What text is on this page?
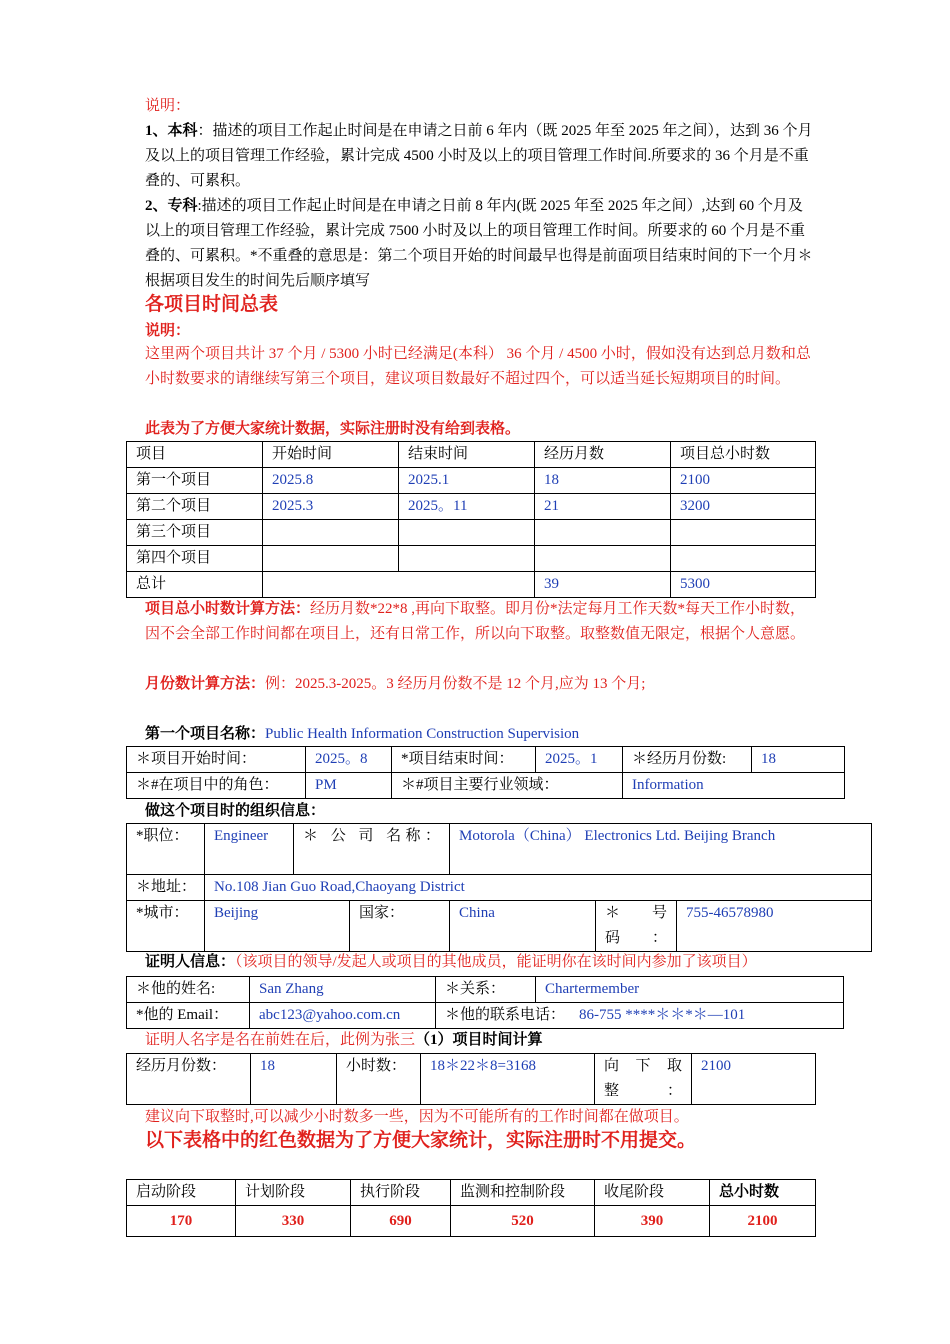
说明：
1、本科：描述的项目工作起止时间是在申请之日前 6 年内（既 2025 年至 2025 年之间），达到 36 个月及以上的项目管理工作经验，累计完成 4500 小时及以上的项目管理工作时间.所要求的 36 个月是不重叠的、可累积。
2、专科:描述的项目工作起止时间是在申请之日前 8 年内(既 2025 年至 2025 年之间）,达到 60 个月及以上的项目管理工作经验，累计完成 7500 小时及以上的项目管理工作时间。所要求的 60 个月是不重叠的、可累积。*不重叠的意思是：第二个项目开始的时间最早也得是前面项目结束时间的下一个月＊根据项目发生的时间先后顺序填写
各项目时间总表
说明：
这里两个项目共计 37 个月 / 5300 小时已经满足(本科） 36 个月 / 4500 小时，假如没有达到总月数和总小时数要求的请继续写第三个项目，建议项目数最好不超过四个，可以适当延长短期项目的时间。
此表为了方便大家统计数据，实际注册时没有给到表格。
项目	开始时间	结束时间	经历月数	项目总小时数
第一个项目	2025.8	2025.1	18	2100
第二个项目	2025.3	2025。11	21	3200
第三个项目				
第四个项目				
总计			39	5300
项目总小时数计算方法：经历月数*22*8 ,再向下取整。即月份*法定每月工作天数*每天工作小时数，因不会全部工作时间都在项目上，还有日常工作，所以向下取整。取整数值无限定，根据个人意愿。
月份数计算方法：例：2025.3-2025。3 经历月份数不是 12 个月,应为 13 个月;
第一个项目名称：Public Health Information Construction Supervision
＊项目开始时间：	2025。8	*项目结束时间：	2025。1	＊经历月份数:	18
＊#在项目中的角色：	PM	＊#项目主要行业领域：		Information	
做这个项目时的组织信息：
*职位：	Engineer	＊ 公 司 名称：		Motorola（China） Electronics Ltd. Beijing Branch		
＊地址：	No.108 Jian Guo Road,Chaoyang District					
*城市：	Beijing		国家：	China	＊ 号码：	755-46578980
证明人信息：（该项目的领导/发起人或项目的其他成员，能证明你在该时间内参加了该项目）
＊他的姓名:	San Zhang	＊关系：	Chartermember
*他的 Email：	abc123@yahoo.com.cn	＊他的联系电话： 86-755 ****＊＊*＊—101	
证明人名字是名在前姓在后，此例为张三（1）项目时间计算
经历月份数：	18	小时数：	18＊22＊8=3168	向 下 取 整：	2100
建议向下取整时,可以减少小时数多一些，因为不可能所有的工作时间都在做项目。
以下表格中的红色数据为了方便大家统计，实际注册时不用提交。
启动阶段	计划阶段	执行阶段	监测和控制阶段	收尾阶段	总小时数
170	330	690	520	390	2100
